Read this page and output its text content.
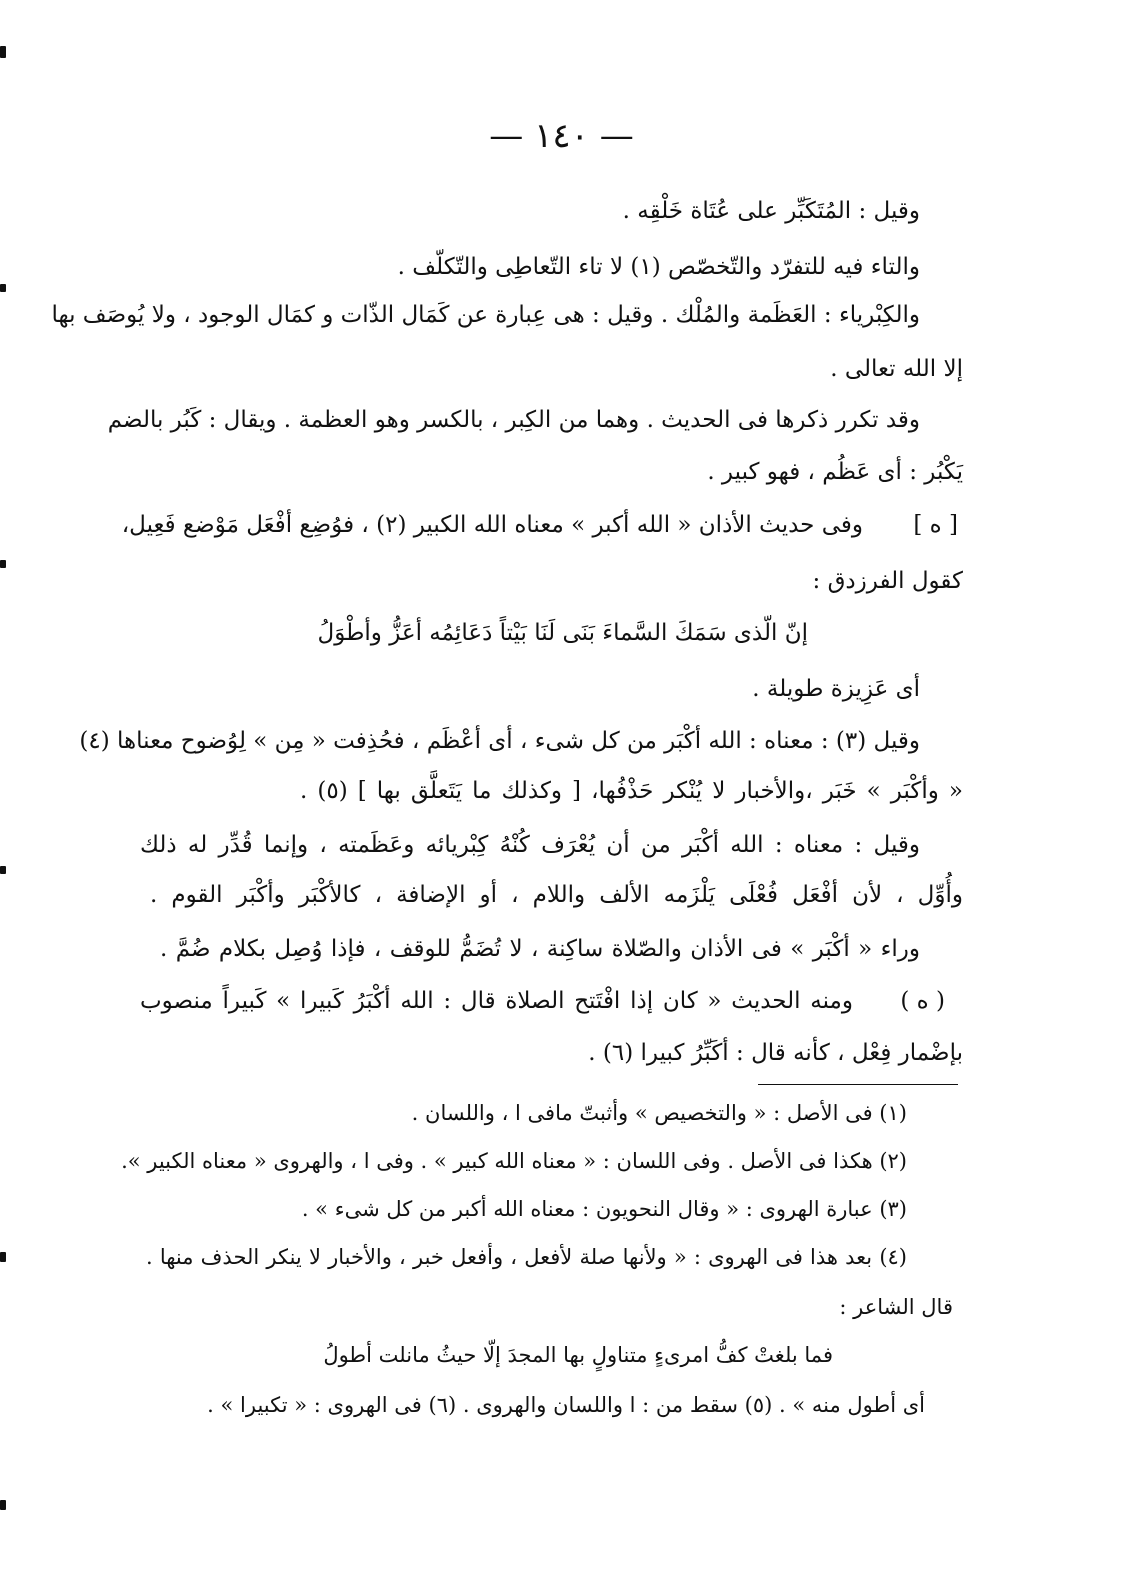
— ١٤٠ —
وقيل : المُتَكَبِّر على عُتَاة خَلْقِه .
والتاء فيه للتفرّد والتّخصّص (١) لا تاء التّعاطِى والتّكلّف .
والكِبْرياء : العَظَمة والمُلْك . وقيل : هى عِبارة عن كَمَال الذّات و كمَال الوجود ، ولا يُوصَف بها
إلا الله تعالى .
وقد تكرر ذكرها فى الحديث . وهما من الكِبر ، بالكسر وهو العظمة . ويقال : كَبُر بالضم
يَكْبُر : أى عَظُم ، فهو كبير .
[ ه ]
وفى حديث الأذان « الله أكبر » معناه الله الكبير (٢) ، فوُضِع أفْعَل مَوْضع فَعِيل،
كقول الفرزدق :
إنّ الّذى سَمَكَ السَّماءَ بَنَى لَنَا بَيْتاً دَعَائِمُه أعَزُّ وأطْوَلُ
أى عَزِيزة طويلة .
وقيل (٣) : معناه : الله أكْبَر من كل شىء ، أى أعْظَم ، فحُذِفت « مِن » لِوُضوح معناها (٤)
« وأكْبَر » خَبَر ،والأخبار لا يُنْكر حَذْفُها، [ وكذلك ما يَتَعلَّق بها ] (٥) .
وقيل : معناه : الله أكْبَر من أن يُعْرَف كُنْهُ كِبْريائه وعَظَمته ، وإنما قُدِّر له ذلك
وأُوِّل ، لأن أفْعَل فُعْلَى يَلْزَمه الألف واللام ، أو الإضافة ، كالأكْبَر وأكْبَر القوم .
وراء « أكْبَر » فى الأذان والصّلاة ساكِنة ، لا تُضَمُّ للوقف ، فإذا وُصِل بكلام ضُمَّ .
( ه )
ومنه الحديث « كان إذا افْتَتح الصلاة قال : الله أكْبَرُ كَبيرا » كَبيراً منصوب
بإضْمار فِعْل ، كأنه قال : أكَبِّرُ كبيرا (٦) .
(١) فى الأصل : « والتخصيص » وأثبتّ مافى ا ، واللسان .
(٢) هكذا فى الأصل . وفى اللسان : « معناه الله كبير » . وفى ا ، والهروى « معناه الكبير ».
(٣) عبارة الهروى : « وقال النحويون : معناه الله أكبر من كل شىء » .
(٤) بعد هذا فى الهروى : « ولأنها صلة لأفعل ، وأفعل خبر ، والأخبار لا ينكر الحذف منها .
قال الشاعر :
فما بلغتْ كفُّ امرىءٍ متناولٍ بها المجدَ إلّا حيثُ مانلت أطولُ
أى أطول منه » . (٥) سقط من : ا واللسان والهروى . (٦) فى الهروى : « تكبيرا » .
